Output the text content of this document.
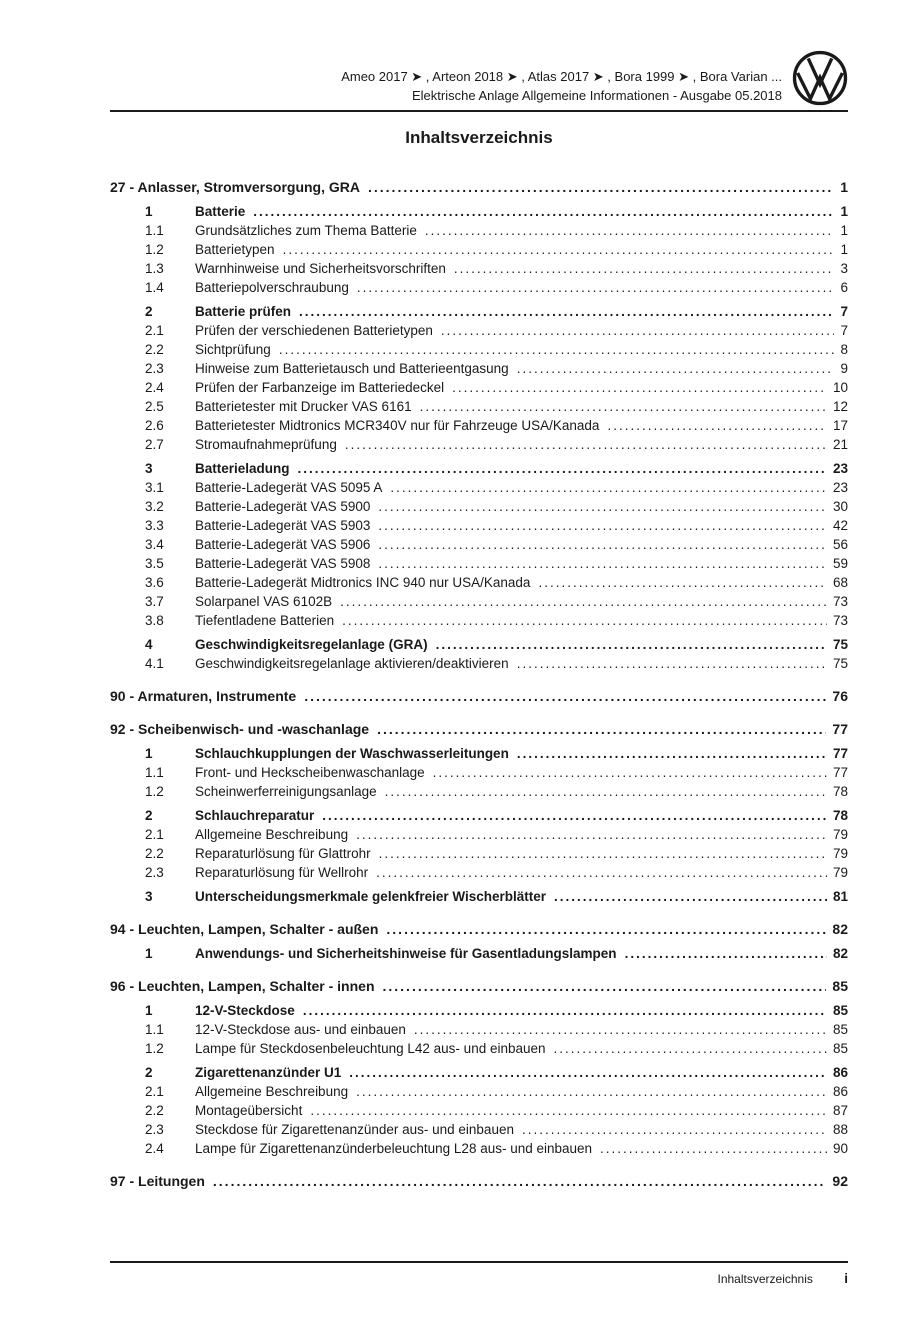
Ameo 2017 ➤ , Arteon 2018 ➤ , Atlas 2017 ➤ , Bora 1999 ➤ , Bora Varian ...
Elektrische Anlage Allgemeine Informationen - Ausgabe 05.2018
Inhaltsverzeichnis
27 - Anlasser, Stromversorgung, GRA .....	1
1	Batterie .....	1
1.1	Grundsätzliches zum Thema Batterie .....	1
1.2	Batterietypen .....	1
1.3	Warnhinweise und Sicherheitsvorschriften .....	3
1.4	Batteriepolverschraubung .....	6
2	Batterie prüfen .....	7
2.1	Prüfen der verschiedenen Batterietypen .....	7
2.2	Sichtprüfung .....	8
2.3	Hinweise zum Batterietausch und Batterieentgasung .....	9
2.4	Prüfen der Farbanzeige im Batteriedeckel .....	10
2.5	Batterietester mit Drucker VAS 6161 .....	12
2.6	Batterietester Midtronics MCR340V nur für Fahrzeuge USA/Kanada .....	17
2.7	Stromaufnahmeprüfung .....	21
3	Batterieladung .....	23
3.1	Batterie-Ladegerät VAS 5095 A .....	23
3.2	Batterie-Ladegerät VAS 5900 .....	30
3.3	Batterie-Ladegerät VAS 5903 .....	42
3.4	Batterie-Ladegerät VAS 5906 .....	56
3.5	Batterie-Ladegerät VAS 5908 .....	59
3.6	Batterie-Ladegerät Midtronics INC 940 nur USA/Kanada .....	68
3.7	Solarpanel VAS 6102B .....	73
3.8	Tiefentladene Batterien .....	73
4	Geschwindigkeitsregelanlage (GRA) .....	75
4.1	Geschwindigkeitsregelanlage aktivieren/deaktivieren .....	75
90 - Armaturen, Instrumente .....	76
92 - Scheibenwisch- und -waschanlage .....	77
1	Schlauchkupplungen der Waschwasserleitungen .....	77
1.1	Front- und Heckscheibenwaschanlage .....	77
1.2	Scheinwerferreinigungsanlage .....	78
2	Schlauchreparatur .....	78
2.1	Allgemeine Beschreibung .....	79
2.2	Reparaturlösung für Glattrohr .....	79
2.3	Reparaturlösung für Wellrohr .....	79
3	Unterscheidungsmerkmale gelenkfreier Wischerblätter .....	81
94 - Leuchten, Lampen, Schalter - außen .....	82
1	Anwendungs- und Sicherheitshinweise für Gasentladungslampen .....	82
96 - Leuchten, Lampen, Schalter - innen .....	85
1	12-V-Steckdose .....	85
1.1	12-V-Steckdose aus- und einbauen .....	85
1.2	Lampe für Steckdosenbeleuchtung L42 aus- und einbauen .....	85
2	Zigarettenanzünder U1 .....	86
2.1	Allgemeine Beschreibung .....	86
2.2	Montageübersicht .....	87
2.3	Steckdose für Zigarettenanzünder aus- und einbauen .....	88
2.4	Lampe für Zigarettenanzünderbeleuchtung L28 aus- und einbauen .....	90
97 - Leitungen .....	92
Inhaltsverzeichnis i
